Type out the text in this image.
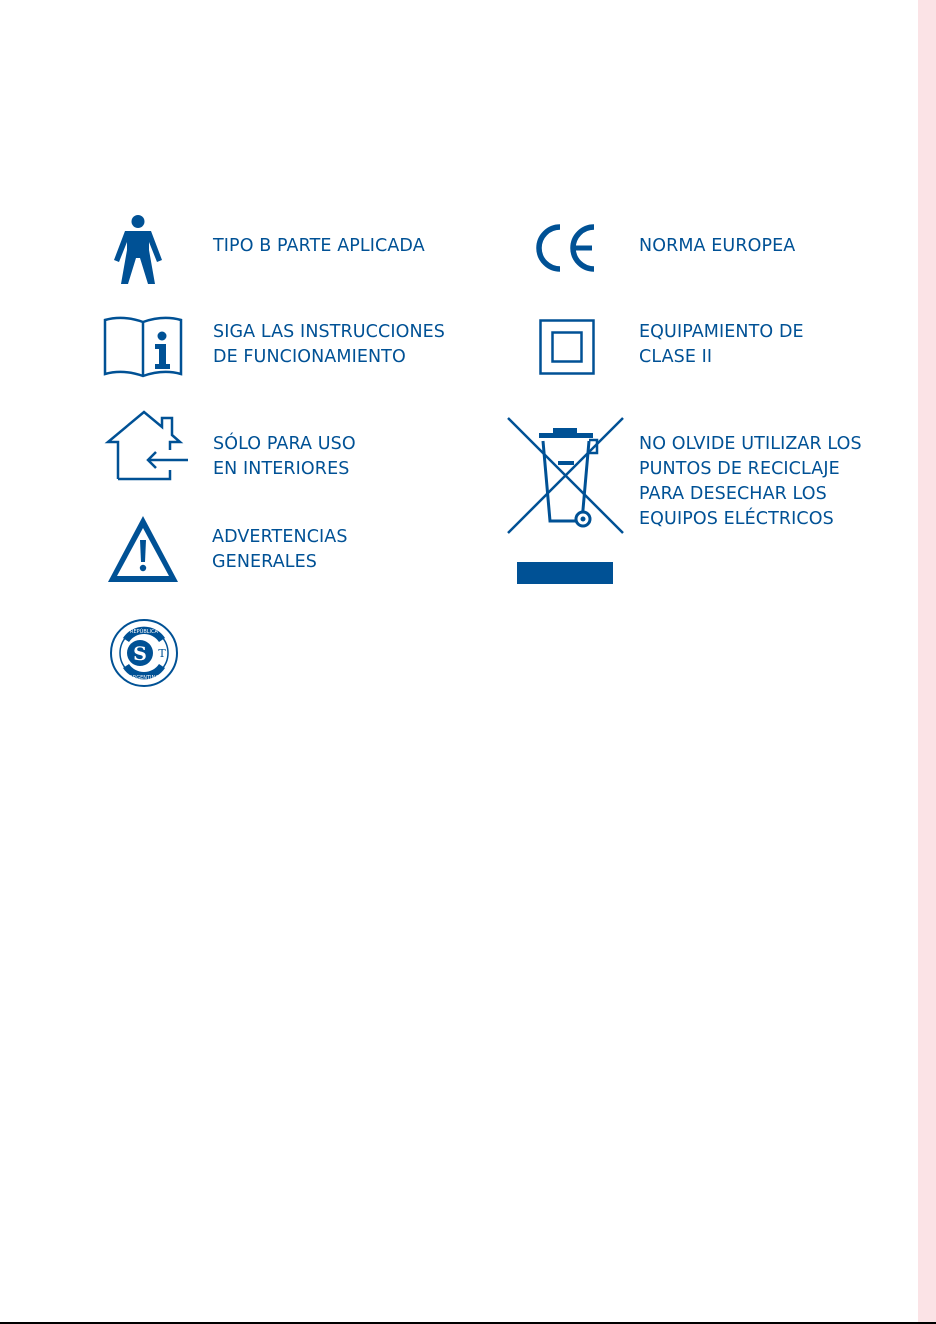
TIPO B PARTE APLICADA
SIGA LAS INSTRUCCIONES
DE FUNCIONAMIENTO
SÓLO PARA USO
EN INTERIORES
ADVERTENCIAS
GENERALES
REPÚBLICA
ARGENTINA
S T
NORMA EUROPEA
EQUIPAMIENTO DE
CLASE II
NO OLVIDE UTILIZAR LOS
PUNTOS DE RECICLAJE
PARA DESECHAR LOS
EQUIPOS ELÉCTRICOS
